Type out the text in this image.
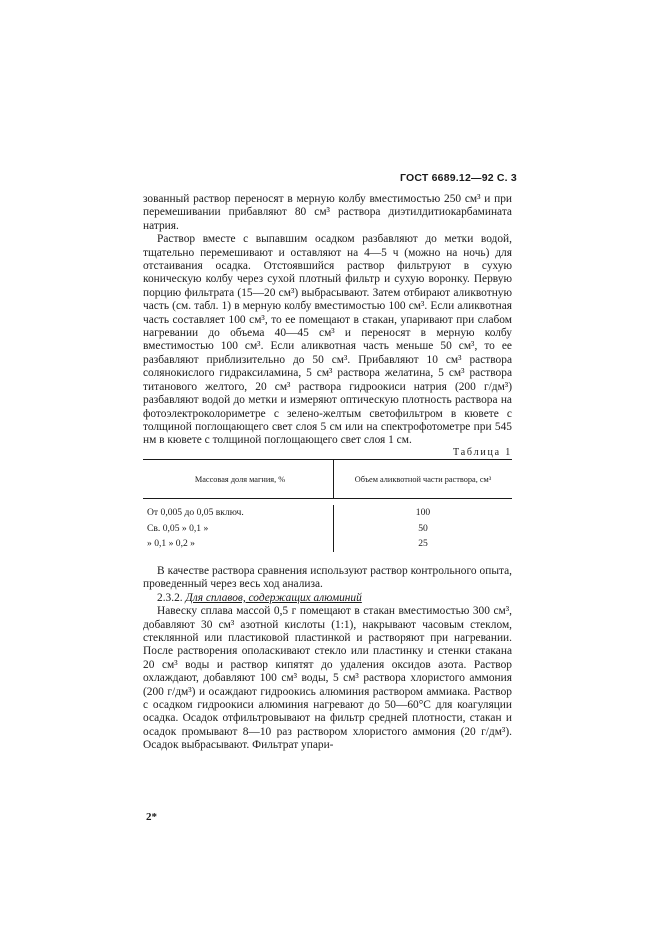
ГОСТ 6689.12—92 С. 3

зованный раствор переносят в мерную колбу вместимостью 250 см³ и при перемешивании прибавляют 80 см³ раствора диэтилдитиокарбамината натрия.

Раствор вместе с выпавшим осадком разбавляют до метки водой, тщательно перемешивают и оставляют на 4—5 ч (можно на ночь) для отстаивания осадка. Отстоявшийся раствор фильтруют в сухую коническую колбу через сухой плотный фильтр и сухую воронку. Первую порцию фильтрата (15—20 см³) выбрасывают. Затем отбирают аликвотную часть (см. табл. 1) в мерную колбу вместимостью 100 см³. Если аликвотная часть составляет 100 см³, то ее помещают в стакан, упаривают при слабом нагревании до объема 40—45 см³ и переносят в мерную колбу вместимостью 100 см³. Если аликвотная часть меньше 50 см³, то ее разбавляют приблизительно до 50 см³. Прибавляют 10 см³ раствора солянокислого гидраксиламина, 5 см³ раствора желатина, 5 см³ раствора титанового желтого, 20 см³ раствора гидроокиси натрия (200 г/дм³) разбавляют водой до метки и измеряют оптическую плотность раствора на фотоэлектроколориметре с зелено-желтым светофильтром в кювете с толщиной поглощающего свет слоя 5 см или на спектрофотометре при 545 нм в кювете с толщиной поглощающего свет слоя 1 см.

Таблица 1
Массовая доля магния, %	Объем аликвотной части раствора, см³
От 0,005 до 0,05 включ.	100
Св. 0,05 » 0,1 »	50
» 0,1 » 0,2 »	25

В качестве раствора сравнения используют раствор контрольного опыта, проведенный через весь ход анализа.

2.3.2. Для сплавов, содержащих алюминий

Навеску сплава массой 0,5 г помещают в стакан вместимостью 300 см³, добавляют 30 см³ азотной кислоты (1:1), накрывают часовым стеклом, стеклянной или пластиковой пластинкой и растворяют при нагревании. После растворения ополаскивают стекло или пластинку и стенки стакана 20 см³ воды и раствор кипятят до удаления оксидов азота. Раствор охлаждают, добавляют 100 см³ воды, 5 см³ раствора хлористого аммония (200 г/дм³) и осаждают гидроокись алюминия раствором аммиака. Раствор с осадком гидроокиси алюминия нагревают до 50—60°С для коагуляции осадка. Осадок отфильтровывают на фильтр средней плотности, стакан и осадок промывают 8—10 раз раствором хлористого аммония (20 г/дм³). Осадок выбрасывают. Фильтрат упари-

2*
